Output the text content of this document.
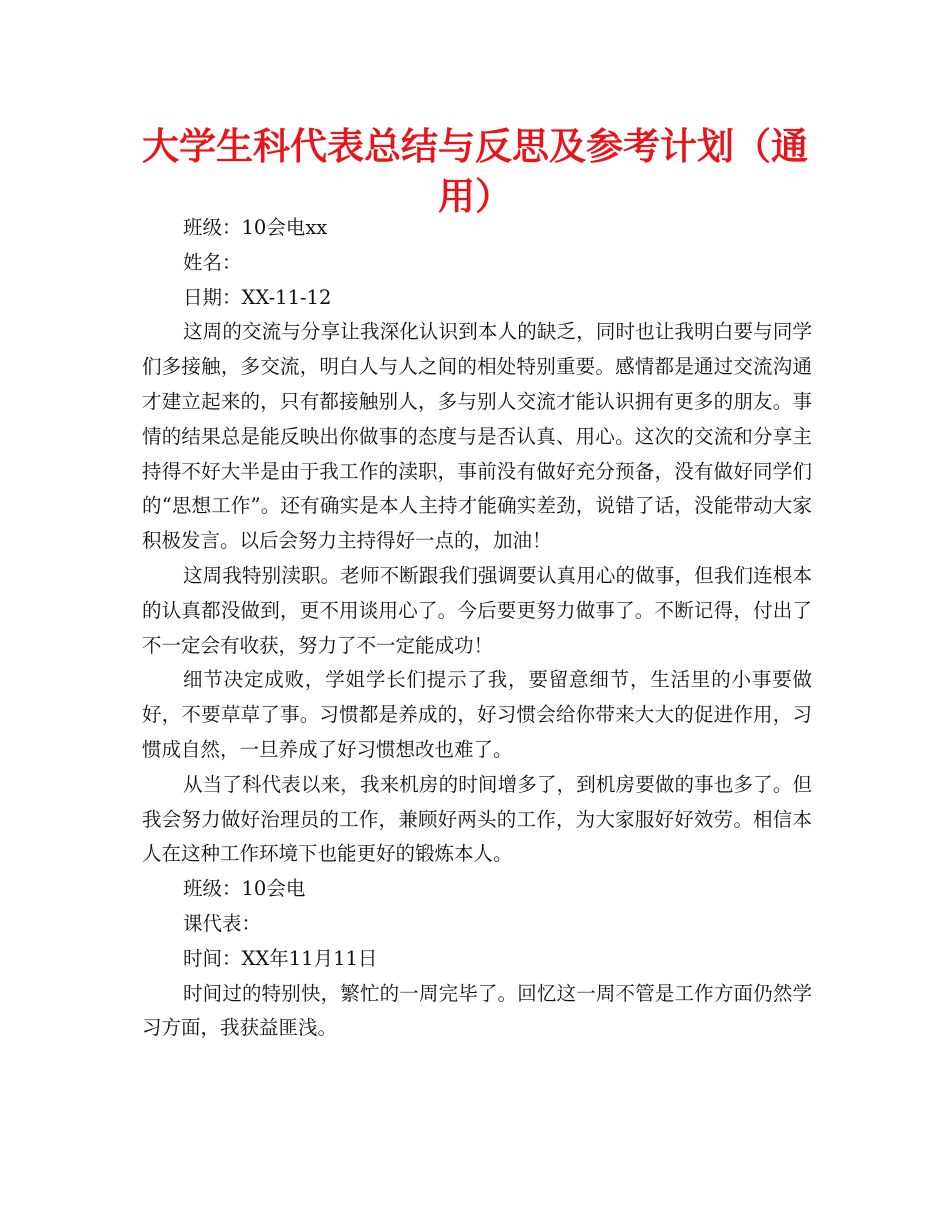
大学生科代表总结与反思及参考计划（通用）

班级：10会电xx

姓名：

日期：XX-11-12

这周的交流与分享让我深化认识到本人的缺乏，同时也让我明白要与同学们多接触，多交流，明白人与人之间的相处特别重要。感情都是通过交流沟通才建立起来的，只有都接触别人，多与别人交流才能认识拥有更多的朋友。事情的结果总是能反映出你做事的态度与是否认真、用心。这次的交流和分享主持得不好大半是由于我工作的渎职，事前没有做好充分预备，没有做好同学们的“思想工作”。还有确实是本人主持才能确实差劲，说错了话，没能带动大家积极发言。以后会努力主持得好一点的，加油！

这周我特别渎职。老师不断跟我们强调要认真用心的做事，但我们连根本的认真都没做到，更不用谈用心了。今后要更努力做事了。不断记得，付出了不一定会有收获，努力了不一定能成功！

细节决定成败，学姐学长们提示了我，要留意细节，生活里的小事要做好，不要草草了事。习惯都是养成的，好习惯会给你带来大大的促进作用，习惯成自然，一旦养成了好习惯想改也难了。

从当了科代表以来，我来机房的时间增多了，到机房要做的事也多了。但我会努力做好治理员的工作，兼顾好两头的工作，为大家服好好效劳。相信本人在这种工作环境下也能更好的锻炼本人。

班级：10会电

课代表：

时间：XX年11月11日

时间过的特别快，繁忙的一周完毕了。回忆这一周不管是工作方面仍然学习方面，我获益匪浅。
